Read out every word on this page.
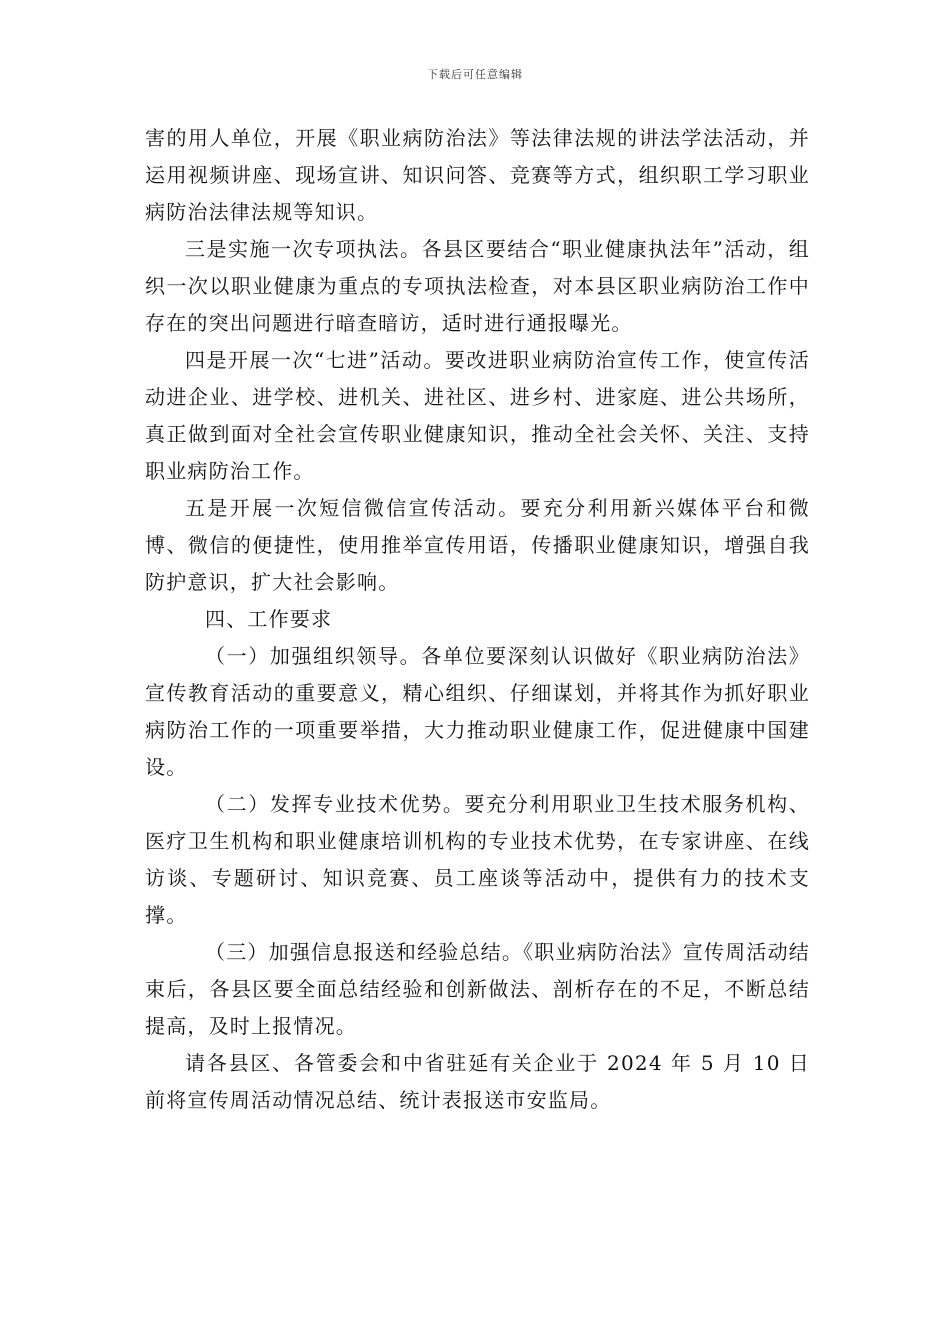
下载后可任意编辑

害的用人单位，开展《职业病防治法》等法律法规的讲法学法活动，并运用视频讲座、现场宣讲、知识问答、竞赛等方式，组织职工学习职业病防治法律法规等知识。

三是实施一次专项执法。各县区要结合“职业健康执法年”活动，组织一次以职业健康为重点的专项执法检查，对本县区职业病防治工作中存在的突出问题进行暗查暗访，适时进行通报曝光。

四是开展一次“七进”活动。要改进职业病防治宣传工作，使宣传活动进企业、进学校、进机关、进社区、进乡村、进家庭、进公共场所，真正做到面对全社会宣传职业健康知识，推动全社会关怀、关注、支持职业病防治工作。

五是开展一次短信微信宣传活动。要充分利用新兴媒体平台和微博、微信的便捷性，使用推举宣传用语，传播职业健康知识，增强自我防护意识，扩大社会影响。

四、工作要求

（一）加强组织领导。各单位要深刻认识做好《职业病防治法》宣传教育活动的重要意义，精心组织、仔细谋划，并将其作为抓好职业病防治工作的一项重要举措，大力推动职业健康工作，促进健康中国建设。

（二）发挥专业技术优势。要充分利用职业卫生技术服务机构、医疗卫生机构和职业健康培训机构的专业技术优势，在专家讲座、在线访谈、专题研讨、知识竞赛、员工座谈等活动中，提供有力的技术支撑。

（三）加强信息报送和经验总结。《职业病防治法》宣传周活动结束后，各县区要全面总结经验和创新做法、剖析存在的不足，不断总结提高，及时上报情况。

请各县区、各管委会和中省驻延有关企业于 2024 年 5 月 10 日前将宣传周活动情况总结、统计表报送市安监局。
